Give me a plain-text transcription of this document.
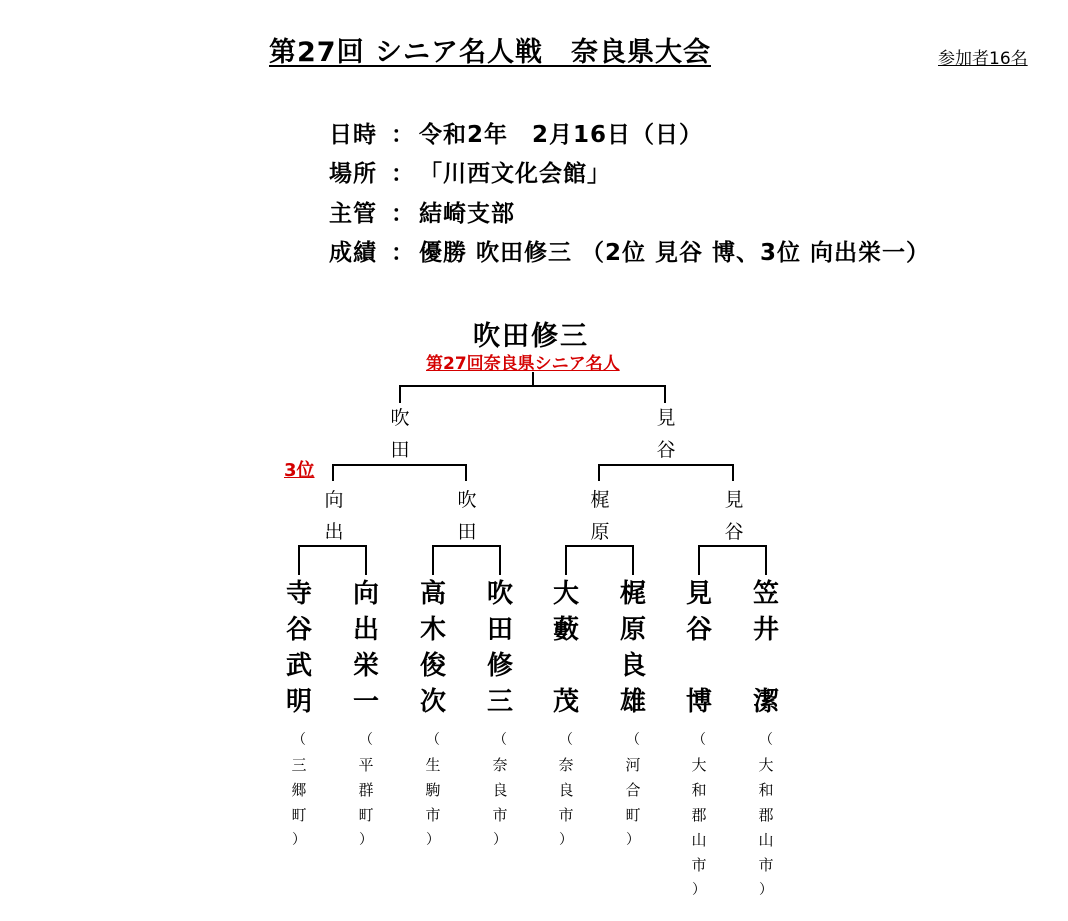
第27回 シニア名人戦　奈良県大会	参加者16名
日時 ： 令和2年　2月16日（日）
場所 ： 「川西文化会館」
主管 ： 結崎支部
成績 ： 優勝 吹田修三 （2位 見谷 博、3位 向出栄一）
吹田修三
第27回奈良県シニア名人
吹
田
見
谷
3位
向
出
吹
田
梶
原
見
谷
寺
谷
武
明
向
出
栄
一
高
木
俊
次
吹
田
修
三
大
藪
茂
梶
原
良
雄
見
谷
博
笠
井
潔
（
三
郷
町
）
（
平
群
町
）
（
生
駒
市
）
（
奈
良
市
）
（
奈
良
市
）
（
河
合
町
）
（
大
和
郡
山
市
）
（
大
和
郡
山
市
）
